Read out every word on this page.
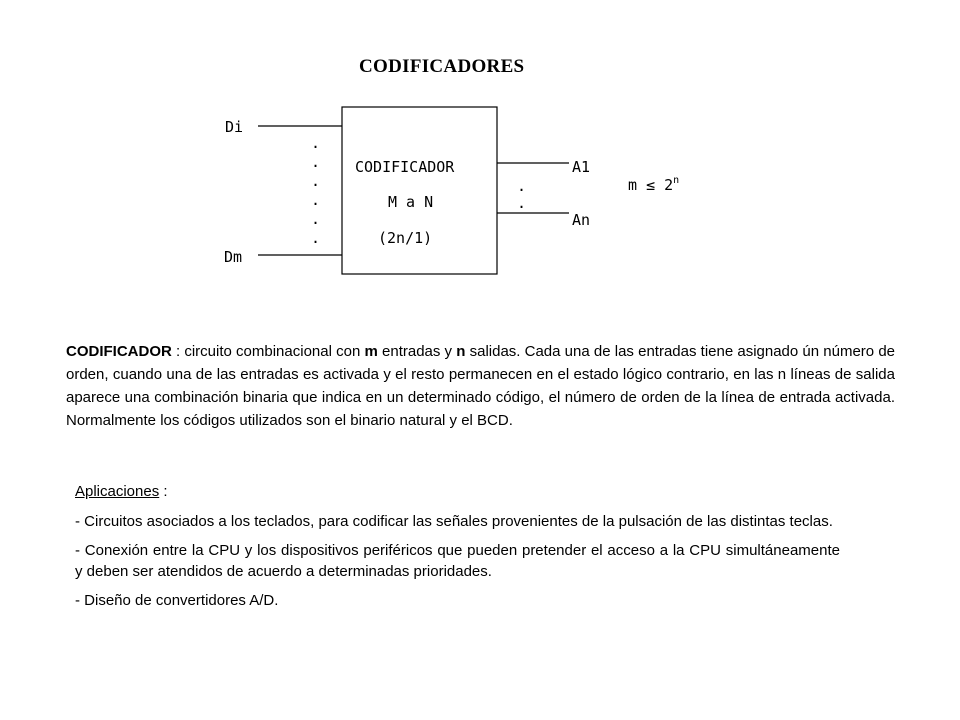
CODIFICADORES
Di
Dm
.
.
.
.
.
.
CODIFICADOR
M a N
(2n/1)
.
.
A1
An
$m \le 2^n$

CODIFICADOR : circuito combinacional con m entradas y n salidas. Cada una de las entradas tiene asignado ún número de orden, cuando una de las entradas es activada y el resto permanecen en el estado lógico contrario, en las n líneas de salida aparece una combinación binaria que indica en un determinado código, el número de orden de la línea de entrada activada. Normalmente los códigos utilizados son el binario natural y el BCD.

Aplicaciones :

- Circuitos asociados a los teclados, para codificar las señales provenientes de la pulsación de las distintas teclas.

- Conexión entre la CPU y los dispositivos periféricos que pueden pretender el acceso a la CPU simultáneamente y deben ser atendidos de acuerdo a determinadas prioridades.

- Diseño de convertidores A/D.
